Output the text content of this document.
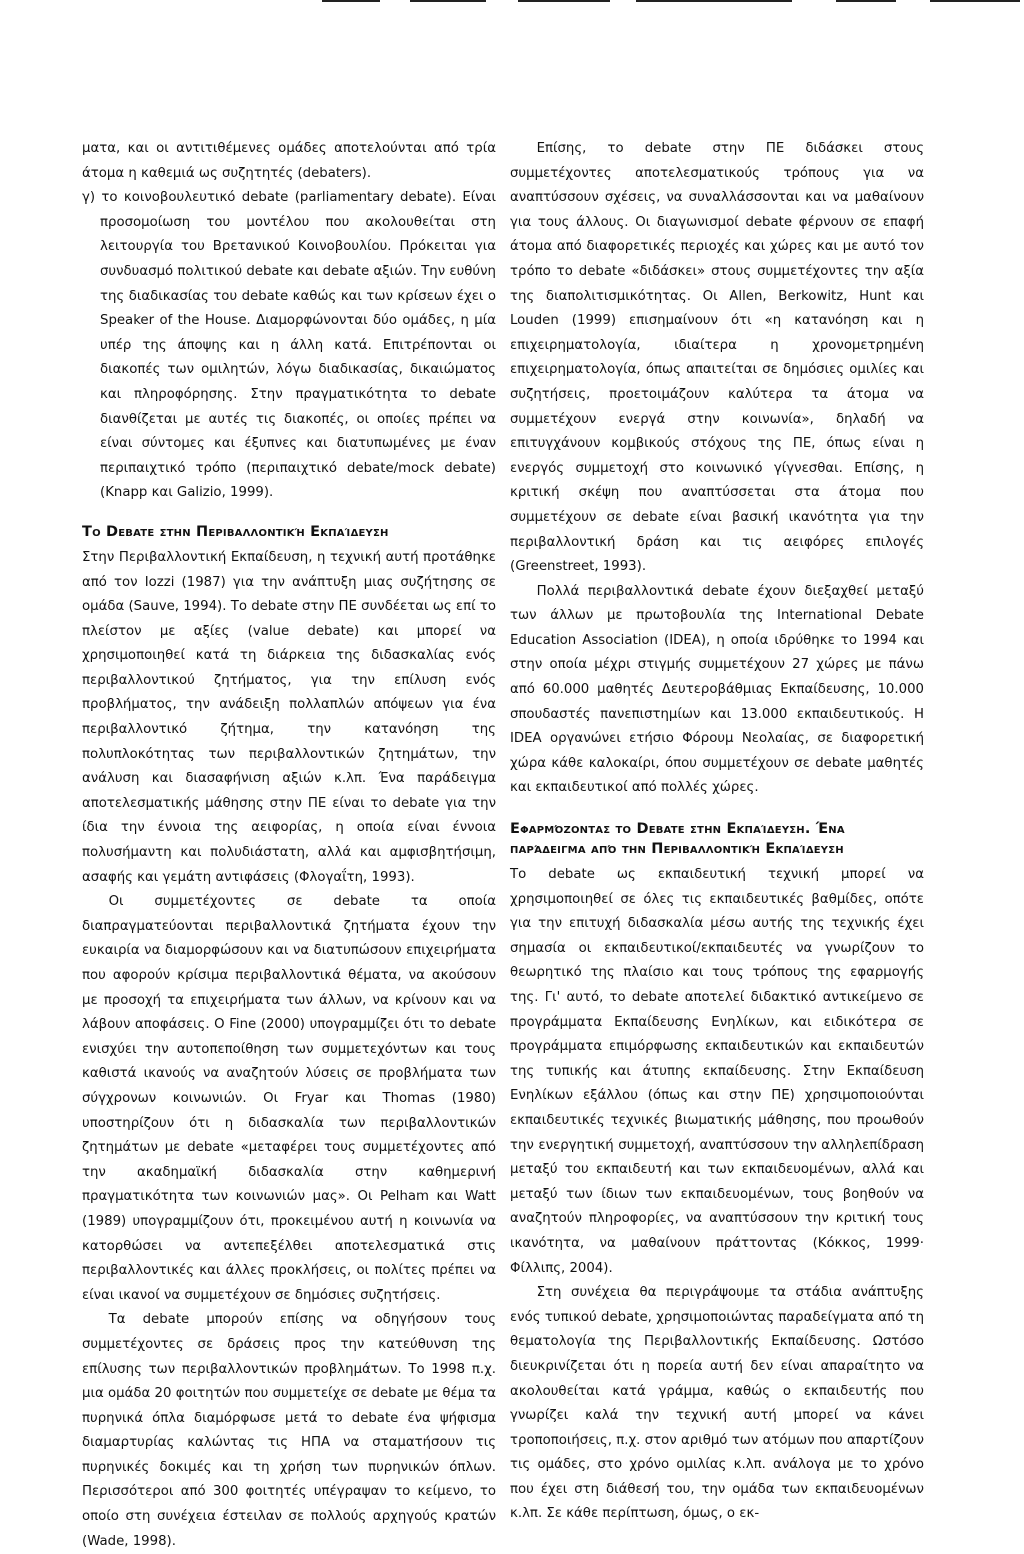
ματα, και οι αντιτιθέμενες ομάδες αποτελούνται από τρία άτομα η καθεμιά ως συζητητές (debaters).

γ) το κοινοβουλευτικό debate (parliamentary debate). Είναι προσομοίωση του μοντέλου που ακολουθείται στη λειτουργία του Βρετανικού Κοινοβουλίου. Πρόκειται για συνδυασμό πολιτικού debate και debate αξιών. Την ευθύνη της διαδικασίας του debate καθώς και των κρίσεων έχει ο Speaker of the House. Διαμορφώνονται δύο ομάδες, η μία υπέρ της άποψης και η άλλη κατά. Επιτρέπονται οι διακοπές των ομιλητών, λόγω διαδικασίας, δικαιώματος και πληροφόρησης. Στην πραγματικότητα το debate διανθίζεται με αυτές τις διακοπές, οι οποίες πρέπει να είναι σύντομες και έξυπνες και διατυπωμένες με έναν περιπαιχτικό τρόπο (περιπαιχτικό debate/mock debate) (Knapp και Galizio, 1999).

Το Debate στην Περιβαλλοντική Εκπαίδευση

Στην Περιβαλλοντική Εκπαίδευση, η τεχνική αυτή προτάθηκε από τον Iozzi (1987) για την ανάπτυξη μιας συζήτησης σε ομάδα (Sauve, 1994). Το debate στην ΠΕ συνδέεται ως επί το πλείστον με αξίες (value debate) και μπορεί να χρησιμοποιηθεί κατά τη διάρκεια της διδασκαλίας ενός περιβαλλοντικού ζητήματος, για την επίλυση ενός προβλήματος, την ανάδειξη πολλαπλών απόψεων για ένα περιβαλλοντικό ζήτημα, την κατανόηση της πολυπλοκότητας των περιβαλλοντικών ζητημάτων, την ανάλυση και διασαφήνιση αξιών κ.λπ. Ένα παράδειγμα αποτελεσματικής μάθησης στην ΠΕ είναι το debate για την ίδια την έννοια της αειφορίας, η οποία είναι έννοια πολυσήμαντη και πολυδιάστατη, αλλά και αμφισβητήσιμη, ασαφής και γεμάτη αντιφάσεις (Φλογαΐτη, 1993).

Οι συμμετέχοντες σε debate τα οποία διαπραγματεύονται περιβαλλοντικά ζητήματα έχουν την ευκαιρία να διαμορφώσουν και να διατυπώσουν επιχειρήματα που αφορούν κρίσιμα περιβαλλοντικά θέματα, να ακούσουν με προσοχή τα επιχειρήματα των άλλων, να κρίνουν και να λάβουν αποφάσεις. Ο Fine (2000) υπογραμμίζει ότι το debate ενισχύει την αυτοπεποίθηση των συμμετεχόντων και τους καθιστά ικανούς να αναζητούν λύσεις σε προβλήματα των σύγχρονων κοινωνιών. Οι Fryar και Thomas (1980) υποστηρίζουν ότι η διδασκαλία των περιβαλλοντικών ζητημάτων με debate «μεταφέρει τους συμμετέχοντες από την ακαδημαϊκή διδασκαλία στην καθημερινή πραγματικότητα των κοινωνιών μας». Οι Pelham και Watt (1989) υπογραμμίζουν ότι, προκειμένου αυτή η κοινωνία να κατορθώσει να αντεπεξέλθει αποτελεσματικά στις περιβαλλοντικές και άλλες προκλήσεις, οι πολίτες πρέπει να είναι ικανοί να συμμετέχουν σε δημόσιες συζητήσεις.

Τα debate μπορούν επίσης να οδηγήσουν τους συμμετέχοντες σε δράσεις προς την κατεύθυνση της επίλυσης των περιβαλλοντικών προβλημάτων. Το 1998 π.χ. μια ομάδα 20 φοιτητών που συμμετείχε σε debate με θέμα τα πυρηνικά όπλα διαμόρφωσε μετά το debate ένα ψήφισμα διαμαρτυρίας καλώντας τις ΗΠΑ να σταματήσουν τις πυρηνικές δοκιμές και τη χρήση των πυρηνικών όπλων. Περισσότεροι από 300 φοιτητές υπέγραψαν το κείμενο, το οποίο στη συνέχεια έστειλαν σε πολλούς αρχηγούς κρατών (Wade, 1998).

Επίσης, το debate στην ΠΕ διδάσκει στους συμμετέχοντες αποτελεσματικούς τρόπους για να αναπτύσσουν σχέσεις, να συναλλάσσονται και να μαθαίνουν για τους άλλους. Οι διαγωνισμοί debate φέρνουν σε επαφή άτομα από διαφορετικές περιοχές και χώρες και με αυτό τον τρόπο το debate «διδάσκει» στους συμμετέχοντες την αξία της διαπολιτισμικότητας. Οι Allen, Berkowitz, Hunt και Louden (1999) επισημαίνουν ότι «η κατανόηση και η επιχειρηματολογία, ιδιαίτερα η χρονομετρημένη επιχειρηματολογία, όπως απαιτείται σε δημόσιες ομιλίες και συζητήσεις, προετοιμάζουν καλύτερα τα άτομα να συμμετέχουν ενεργά στην κοινωνία», δηλαδή να επιτυγχάνουν κομβικούς στόχους της ΠΕ, όπως είναι η ενεργός συμμετοχή στο κοινωνικό γίγνεσθαι. Επίσης, η κριτική σκέψη που αναπτύσσεται στα άτομα που συμμετέχουν σε debate είναι βασική ικανότητα για την περιβαλλοντική δράση και τις αειφόρες επιλογές (Greenstreet, 1993).

Πολλά περιβαλλοντικά debate έχουν διεξαχθεί μεταξύ των άλλων με πρωτοβουλία της International Debate Education Association (IDEA), η οποία ιδρύθηκε το 1994 και στην οποία μέχρι στιγμής συμμετέχουν 27 χώρες με πάνω από 60.000 μαθητές Δευτεροβάθμιας Εκπαίδευσης, 10.000 σπουδαστές πανεπιστημίων και 13.000 εκπαιδευτικούς. Η IDEA οργανώνει ετήσιο Φόρουμ Νεολαίας, σε διαφορετική χώρα κάθε καλοκαίρι, όπου συμμετέχουν σε debate μαθητές και εκπαιδευτικοί από πολλές χώρες.

Εφαρμόζοντας το Debate στην Εκπαίδευση. Ένα παράδειγμα από την Περιβαλλοντική Εκπαίδευση

Το debate ως εκπαιδευτική τεχνική μπορεί να χρησιμοποιηθεί σε όλες τις εκπαιδευτικές βαθμίδες, οπότε για την επιτυχή διδασκαλία μέσω αυτής της τεχνικής έχει σημασία οι εκπαιδευτικοί/εκπαιδευτές να γνωρίζουν το θεωρητικό της πλαίσιο και τους τρόπους της εφαρμογής της. Γι' αυτό, το debate αποτελεί διδακτικό αντικείμενο σε προγράμματα Εκπαίδευσης Ενηλίκων, και ειδικότερα σε προγράμματα επιμόρφωσης εκπαιδευτικών και εκπαιδευτών της τυπικής και άτυπης εκπαίδευσης. Στην Εκπαίδευση Ενηλίκων εξάλλου (όπως και στην ΠΕ) χρησιμοποιούνται εκπαιδευτικές τεχνικές βιωματικής μάθησης, που προωθούν την ενεργητική συμμετοχή, αναπτύσσουν την αλληλεπίδραση μεταξύ του εκπαιδευτή και των εκπαιδευομένων, αλλά και μεταξύ των ίδιων των εκπαιδευομένων, τους βοηθούν να αναζητούν πληροφορίες, να αναπτύσσουν την κριτική τους ικανότητα, να μαθαίνουν πράττοντας (Κόκκος, 1999· Φίλλιπς, 2004).

Στη συνέχεια θα περιγράψουμε τα στάδια ανάπτυξης ενός τυπικού debate, χρησιμοποιώντας παραδείγματα από τη θεματολογία της Περιβαλλοντικής Εκπαίδευσης. Ωστόσο διευκρινίζεται ότι η πορεία αυτή δεν είναι απαραίτητο να ακολουθείται κατά γράμμα, καθώς ο εκπαιδευτής που γνωρίζει καλά την τεχνική αυτή μπορεί να κάνει τροποποιήσεις, π.χ. στον αριθμό των ατόμων που απαρτίζουν τις ομάδες, στο χρόνο ομιλίας κ.λπ. ανάλογα με το χρόνο που έχει στη διάθεσή του, την ομάδα των εκπαιδευομένων κ.λπ. Σε κάθε περίπτωση, όμως, ο εκ-
